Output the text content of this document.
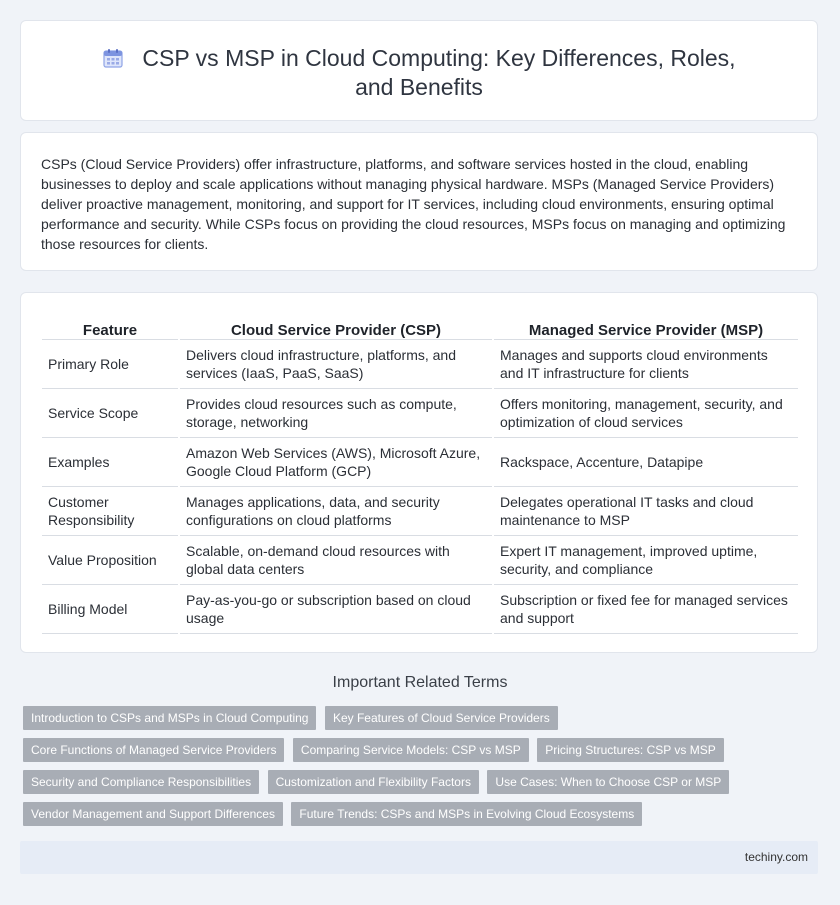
CSP vs MSP in Cloud Computing: Key Differences, Roles, and Benefits

CSPs (Cloud Service Providers) offer infrastructure, platforms, and software services hosted in the cloud, enabling businesses to deploy and scale applications without managing physical hardware. MSPs (Managed Service Providers) deliver proactive management, monitoring, and support for IT services, including cloud environments, ensuring optimal performance and security. While CSPs focus on providing the cloud resources, MSPs focus on managing and optimizing those resources for clients.

Feature	Cloud Service Provider (CSP)	Managed Service Provider (MSP)
Primary Role	Delivers cloud infrastructure, platforms, and services (IaaS, PaaS, SaaS)	Manages and supports cloud environments and IT infrastructure for clients
Service Scope	Provides cloud resources such as compute, storage, networking	Offers monitoring, management, security, and optimization of cloud services
Examples	Amazon Web Services (AWS), Microsoft Azure, Google Cloud Platform (GCP)	Rackspace, Accenture, Datapipe
Customer Responsibility	Manages applications, data, and security configurations on cloud platforms	Delegates operational IT tasks and cloud maintenance to MSP
Value Proposition	Scalable, on-demand cloud resources with global data centers	Expert IT management, improved uptime, security, and compliance
Billing Model	Pay-as-you-go or subscription based on cloud usage	Subscription or fixed fee for managed services and support
Important Related Terms
Introduction to CSPs and MSPs in Cloud Computing Key Features of Cloud Service Providers Core Functions of Managed Service Providers Comparing Service Models: CSP vs MSP Pricing Structures: CSP vs MSP Security and Compliance Responsibilities Customization and Flexibility Factors Use Cases: When to Choose CSP or MSP Vendor Management and Support Differences Future Trends: CSPs and MSPs in Evolving Cloud Ecosystems
techiny.com
